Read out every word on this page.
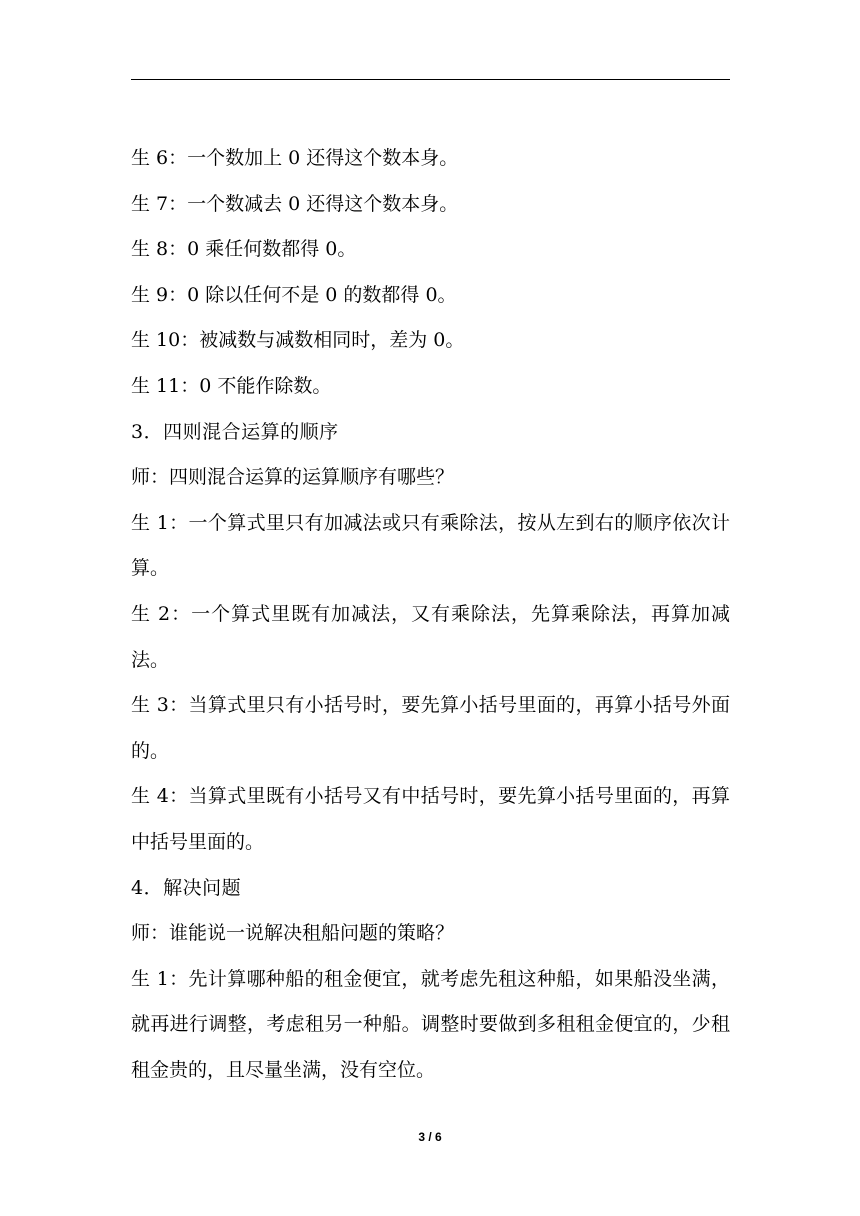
生 6：一个数加上 0 还得这个数本身。

生 7：一个数减去 0 还得这个数本身。

生 8：0 乘任何数都得 0。

生 9：0 除以任何不是 0 的数都得 0。

生 10：被减数与减数相同时，差为 0。

生 11：0 不能作除数。

3．四则混合运算的顺序

师：四则混合运算的运算顺序有哪些？

生 1：一个算式里只有加减法或只有乘除法，按从左到右的顺序依次计算。

生 2：一个算式里既有加减法，又有乘除法，先算乘除法，再算加减法。

生 3：当算式里只有小括号时，要先算小括号里面的，再算小括号外面的。

生 4：当算式里既有小括号又有中括号时，要先算小括号里面的，再算中括号里面的。

4．解决问题

师：谁能说一说解决租船问题的策略？

生 1：先计算哪种船的租金便宜，就考虑先租这种船，如果船没坐满，就再进行调整，考虑租另一种船。调整时要做到多租租金便宜的，少租租金贵的，且尽量坐满，没有空位。

3 / 6
